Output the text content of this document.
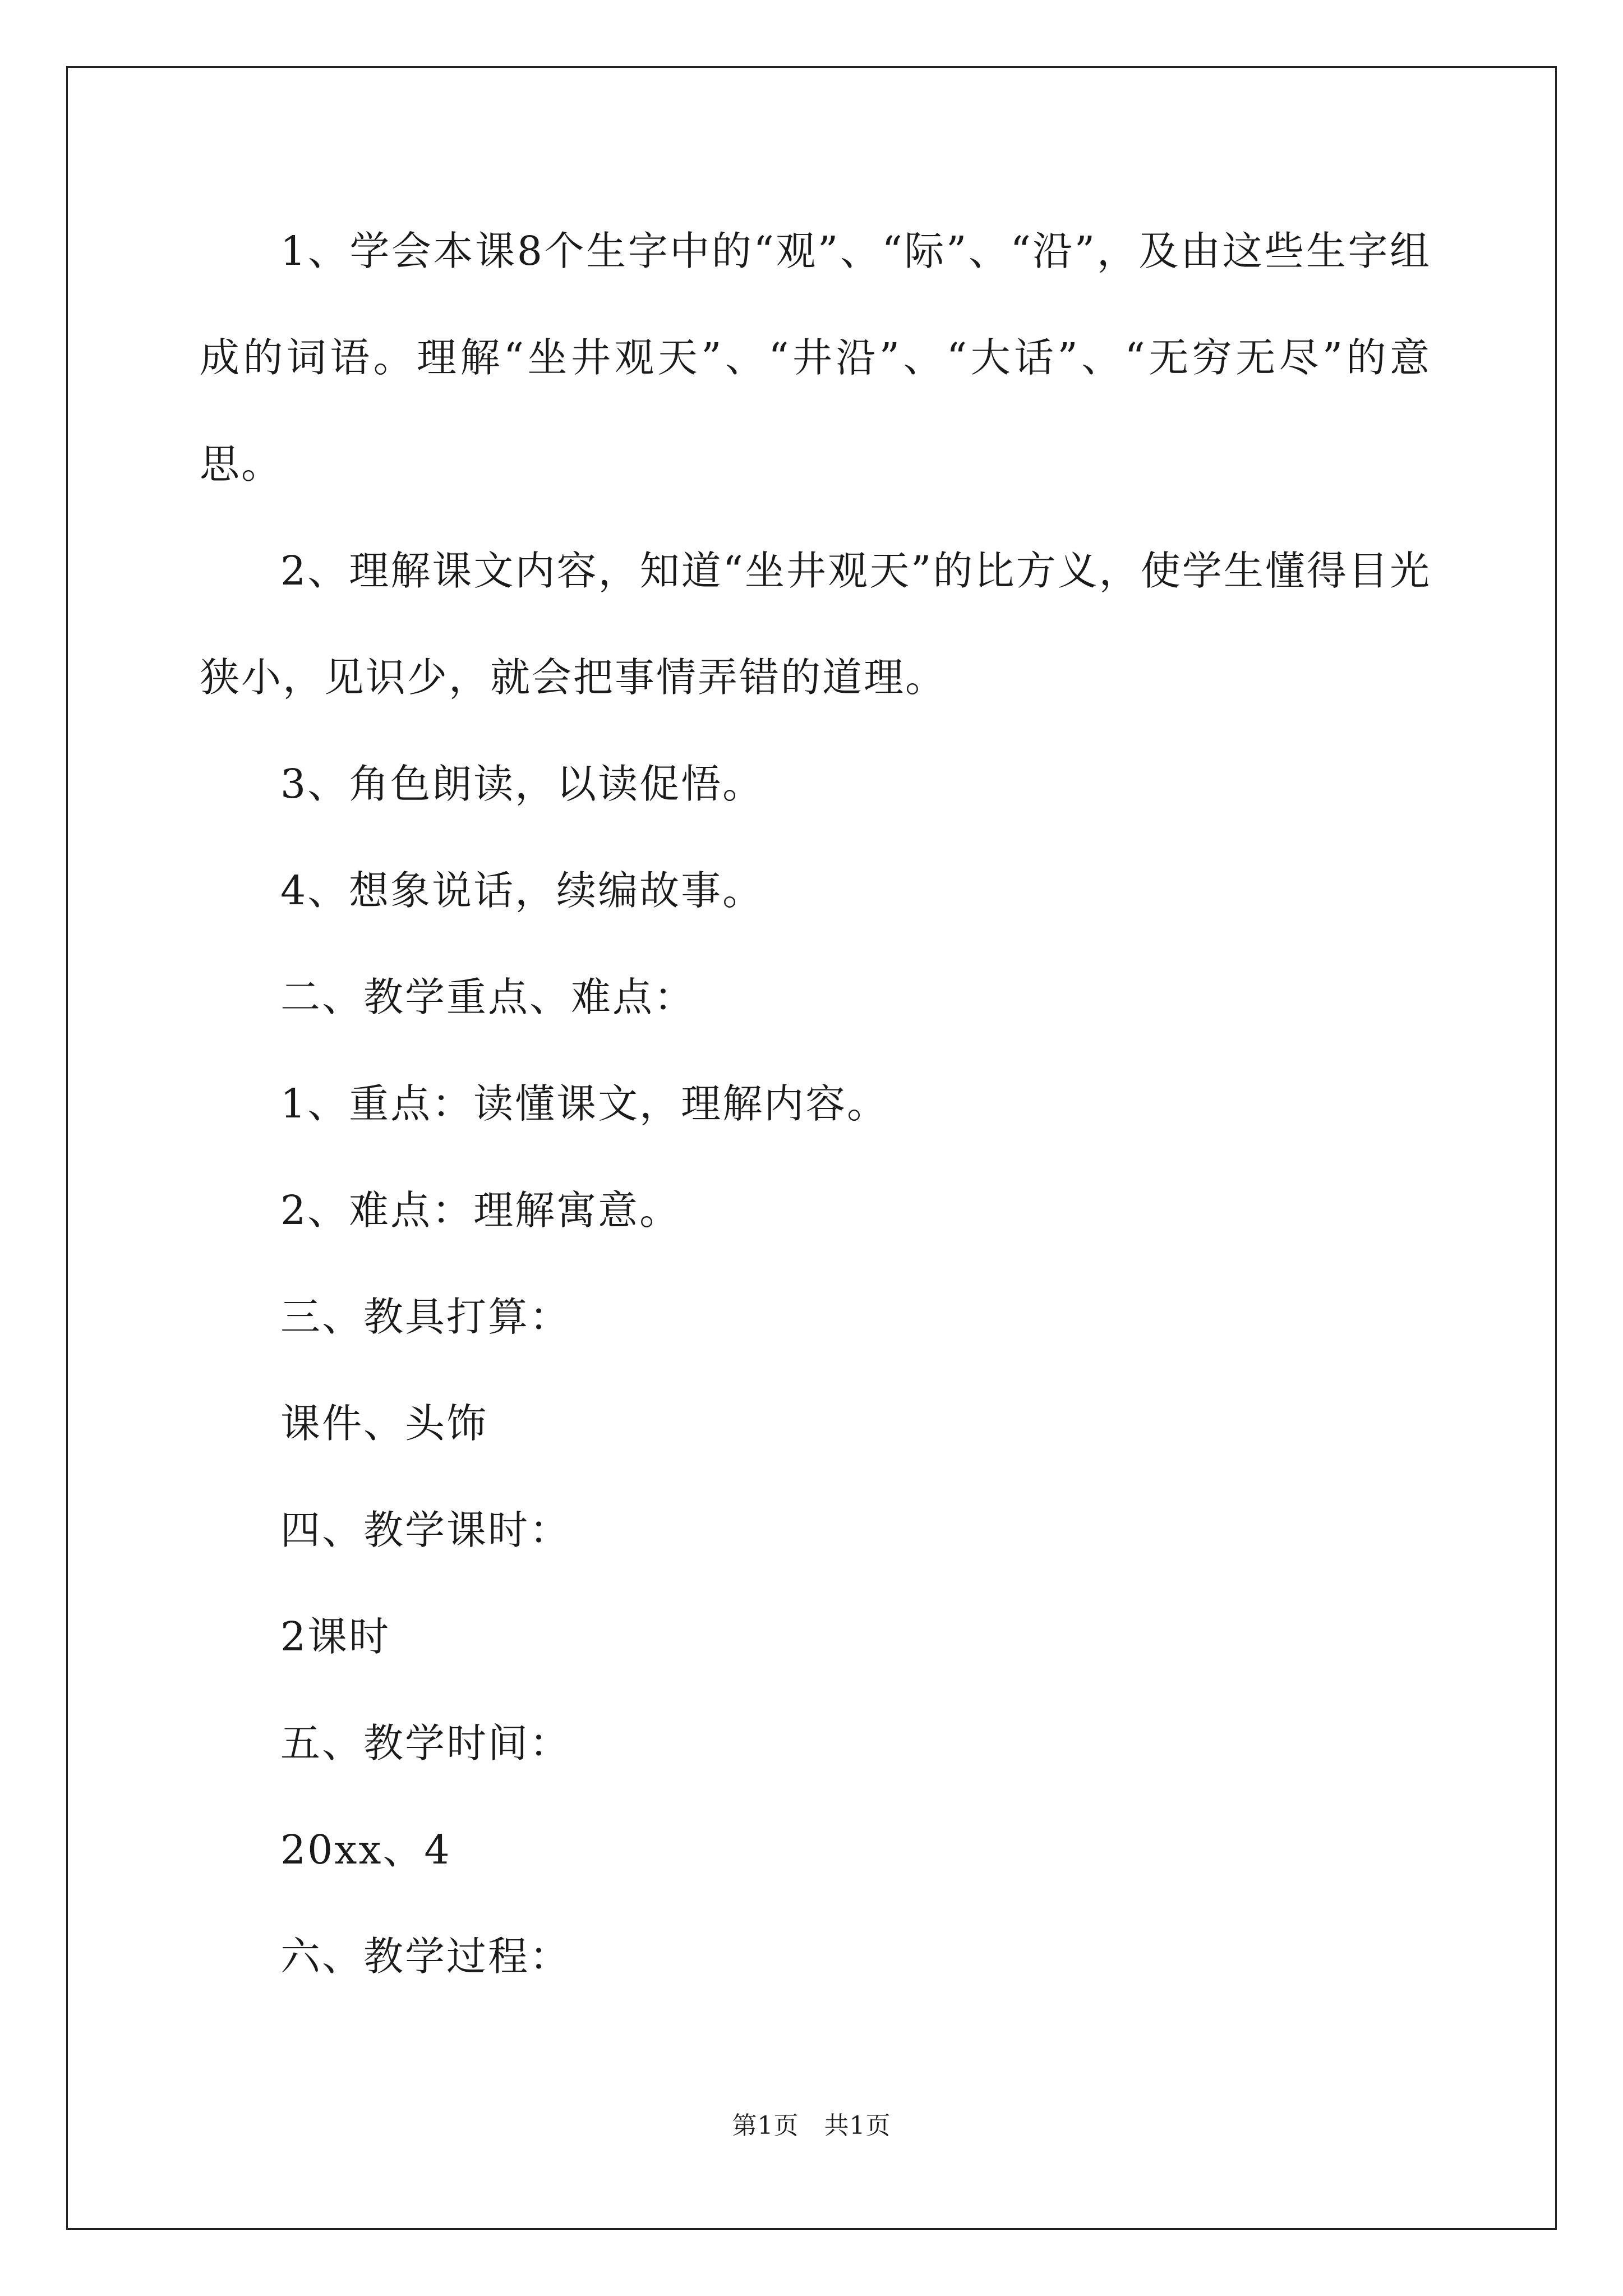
1、学会本课8个生字中的“观”、“际”、“沿”，及由这些生字组成的词语。理解“坐井观天”、“井沿”、“大话”、“无穷无尽”的意思。

2、理解课文内容，知道“坐井观天”的比方义，使学生懂得目光狭小，见识少，就会把事情弄错的道理。

3、角色朗读，以读促悟。

4、想象说话，续编故事。

二、教学重点、难点：

1、重点：读懂课文，理解内容。

2、难点：理解寓意。

三、教具打算：

课件、头饰

四、教学课时：

2课时

五、教学时间：

20xx、4

六、教学过程：

第1页　共1页
